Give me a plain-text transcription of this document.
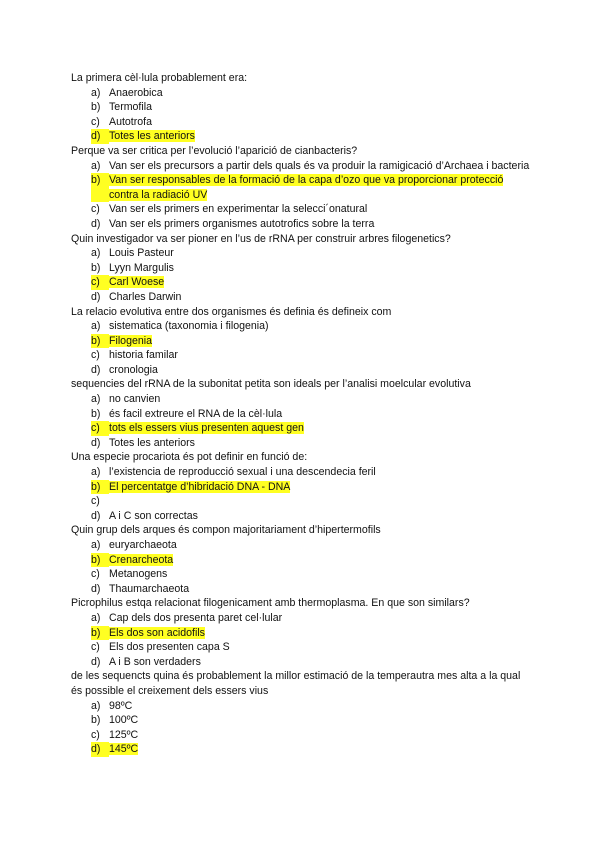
La primera cèl·lula probablement era:

a) Anaerobica
b) Termofila
c) Autotrofa
d) Totes les anteriors

Perque va ser critica per l’evolució l’aparició de cianbacteris?

a) Van ser els precursors a partir dels quals és va produir la ramigicació d’Archaea i bacteria
b) Van ser responsables de la formació de la capa d’ozo que va proporcionar protecció contra la radiació UV
c) Van ser els primers en experimentar la selecci´onatural
d) Van ser els primers organismes autotrofics sobre la terra

Quin investigador va ser pioner en l’us de rRNA per construir arbres filogenetics?

a) Louis Pasteur
b) Lyyn Margulis
c) Carl Woese
d) Charles Darwin

La relacio evolutiva entre dos organismes és definia és defineix com

a) sistematica (taxonomia i filogenia)
b) Filogenia
c) historia familar
d) cronologia

sequencies del rRNA de la subonitat petita son ideals per l’analisi moelcular evolutiva

a) no canvien
b) és facil extreure el RNA de la cèl·lula
c) tots els essers vius presenten aquest gen
d) Totes les anteriors

Una especie procariota és pot definir en funció de:

a) l’existencia de reproducció sexual i una descendecia feril
b) El percentatge d’hibridació DNA - DNA
c)
d) A i C son correctas

Quin grup dels arques és compon majoritariament d’hipertermofils

a) euryarchaeota
b) Crenarcheota
c) Metanogens
d) Thaumarchaeota

Picrophilus estqa relacionat filogenicament amb thermoplasma. En que son similars?

a) Cap dels dos presenta paret cel·lular
b) Els dos son acidofils
c) Els dos presenten capa S
d) A i B son verdaders

de les sequencts quina és probablement la millor estimació de la temperautra mes alta a la qual és possible el creixement dels essers vius

a) 98ºC
b) 100ºC
c) 125ºC
d) 145ºC
